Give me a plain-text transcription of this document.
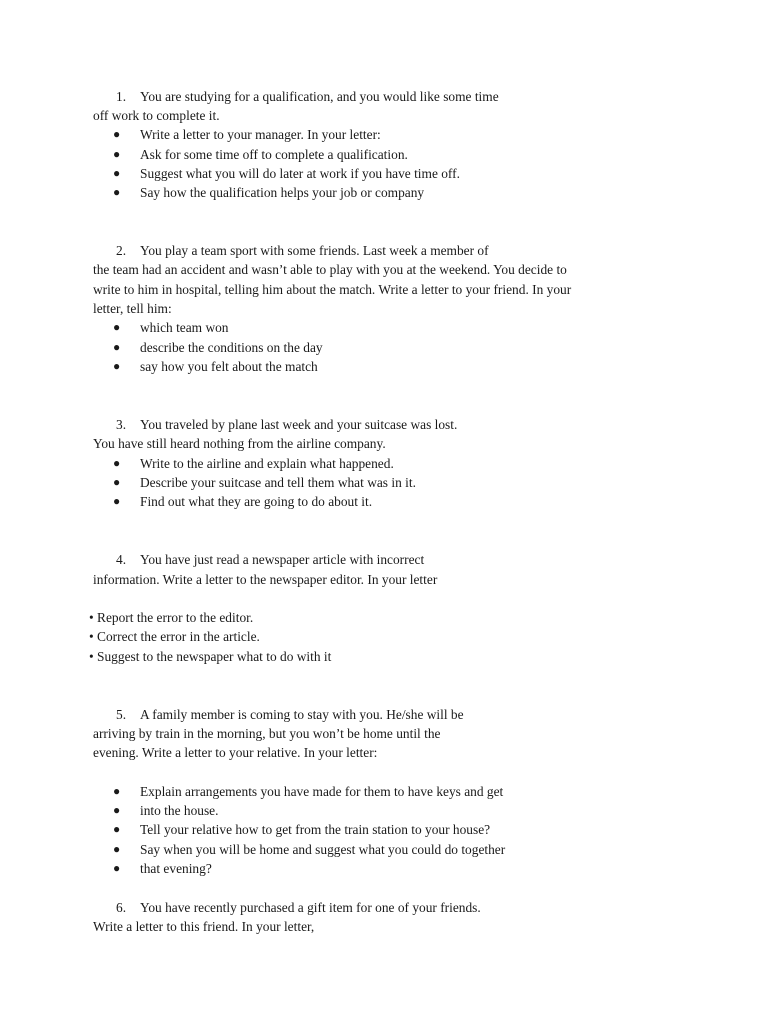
1. You are studying for a qualification, and you would like some time
off work to complete it.
● Write a letter to your manager. In your letter:
● Ask for some time off to complete a qualification.
● Suggest what you will do later at work if you have time off.
● Say how the qualification helps your job or company
2. You play a team sport with some friends. Last week a member of
the team had an accident and wasn’t able to play with you at the weekend. You decide to
write to him in hospital, telling him about the match. Write a letter to your friend. In your
letter, tell him:
● which team won
● describe the conditions on the day
● say how you felt about the match
3. You traveled by plane last week and your suitcase was lost.
You have still heard nothing from the airline company.
● Write to the airline and explain what happened.
● Describe your suitcase and tell them what was in it.
● Find out what they are going to do about it.
4. You have just read a newspaper article with incorrect
information. Write a letter to the newspaper editor. In your letter
• Report the error to the editor.
• Correct the error in the article.
• Suggest to the newspaper what to do with it
5. A family member is coming to stay with you. He/she will be
arriving by train in the morning, but you won’t be home until the
evening. Write a letter to your relative. In your letter:
● Explain arrangements you have made for them to have keys and get
● into the house.
● Tell your relative how to get from the train station to your house?
● Say when you will be home and suggest what you could do together
● that evening?
6. You have recently purchased a gift item for one of your friends.
Write a letter to this friend. In your letter,
